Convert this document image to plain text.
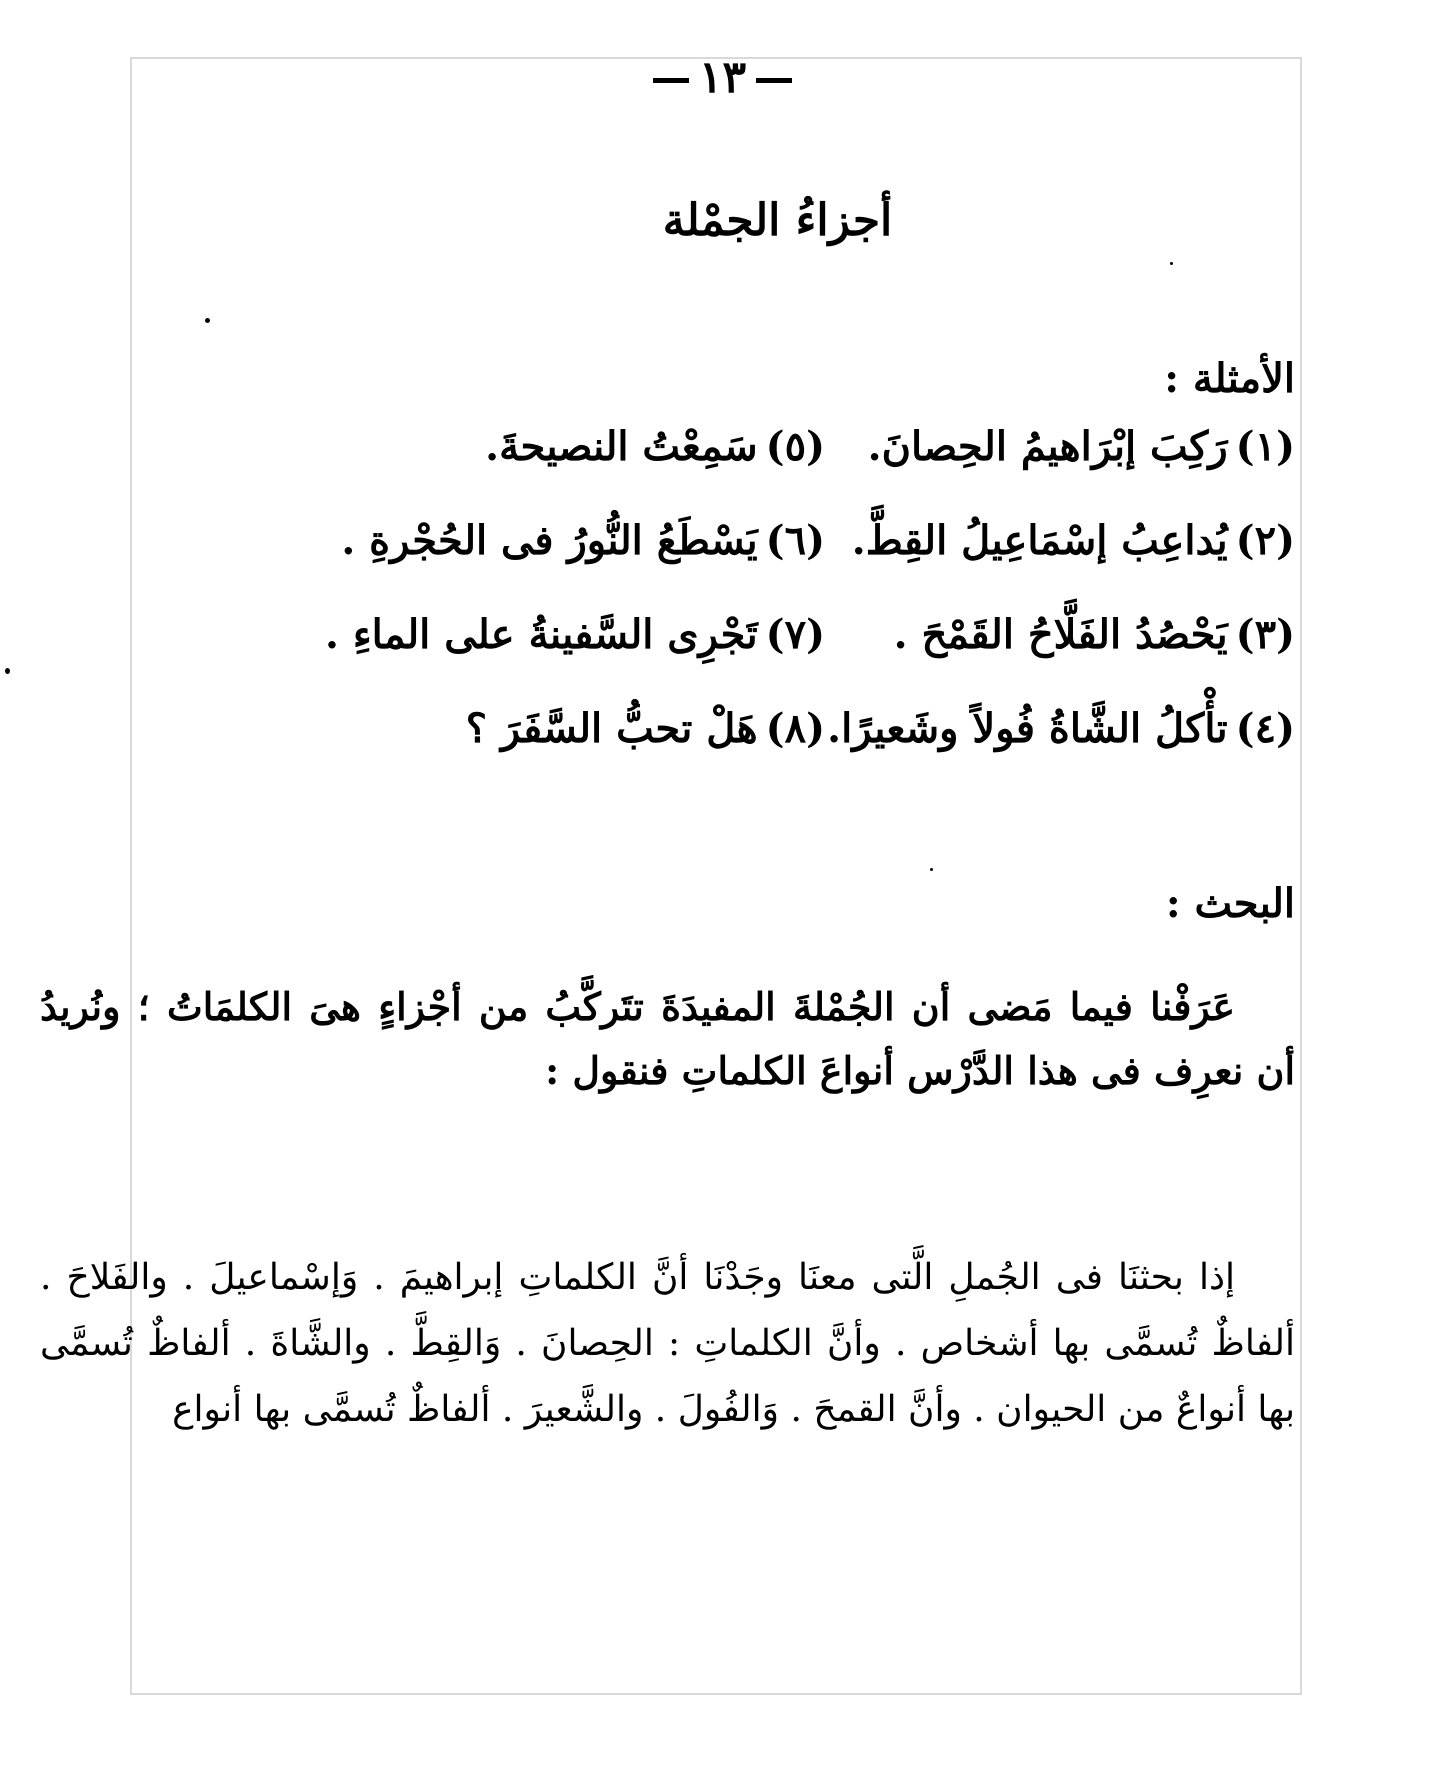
١٣
أجزاءُ الجمْلة
الأمثلة :
(١)رَكِبَ إبْرَاهيمُ الحِصانَ.
(٥)سَمِعْتُ النصيحةَ.
(٢)يُداعِبُ إسْمَاعِيلُ القِطَّ.
(٦)يَسْطَعُ النُّورُ فى الحُجْرةِ .
(٣)يَحْصُدُ الفَلَّاحُ القَمْحَ .
(٧)تَجْرِى السَّفينةُ على الماءِ .
(٤)تأْكلُ الشَّاةُ فُولاً وشَعيرًا.
(٨)هَلْ تحبُّ السَّفَرَ ؟
البحث :
عَرَفْنا فيما مَضى أن الجُمْلةَ المفيدَةَ تتَركَّبُ من أجْزاءٍ هىَ الكلمَاتُ ؛ ونُريدُ أن نعرِف فى هذا الدَّرْس أنواعَ الكلماتِ فنقول :
إذا بحثنَا فى الجُملِ الَّتى معنَا وجَدْنَا أنَّ الكلماتِ إبراهيمَ . وَإسْماعيلَ . والفَلاحَ . ألفاظٌ تُسمَّى بها أشخاص . وأنَّ الكلماتِ : الحِصانَ . وَالقِطَّ . والشَّاةَ . ألفاظٌ تُسمَّى بها أنواعٌ من الحيوان . وأنَّ القمحَ . وَالفُولَ . والشَّعيرَ . ألفاظٌ تُسمَّى بها أنواع
